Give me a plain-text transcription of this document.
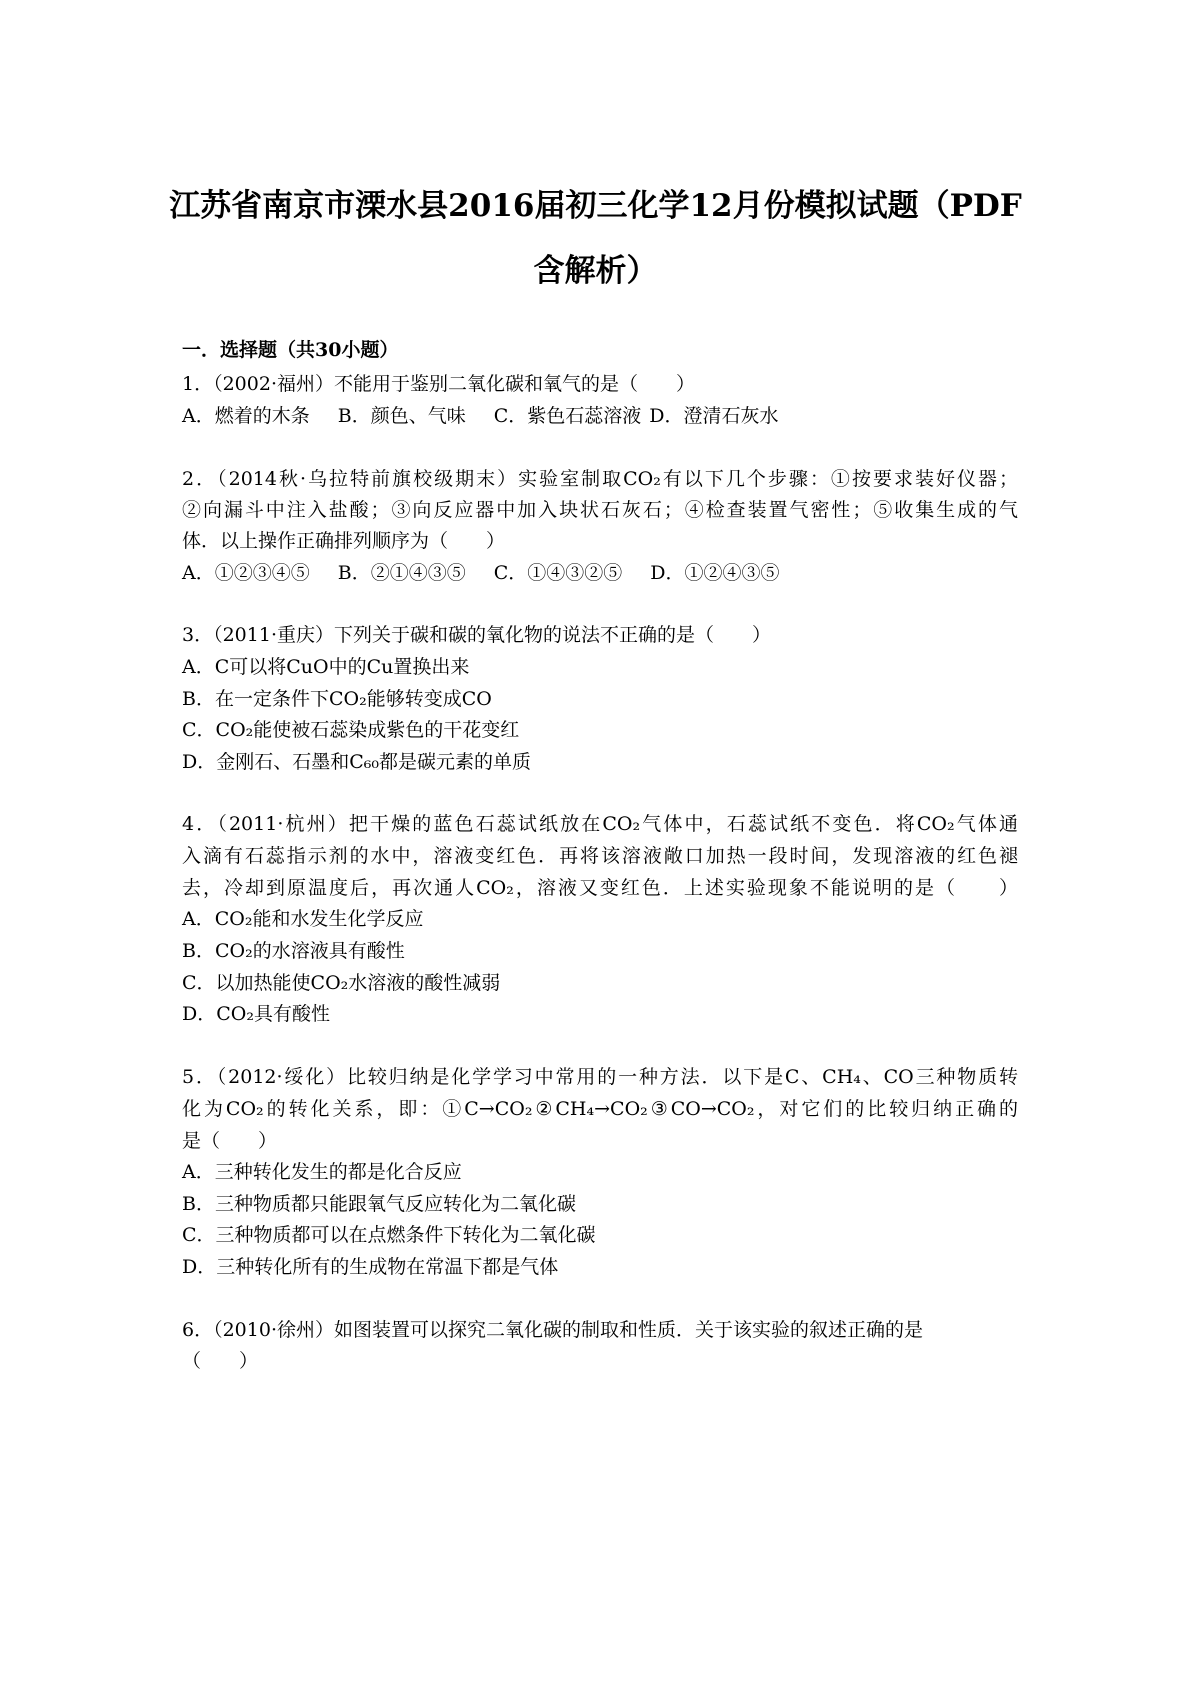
江苏省南京市溧水县2016届初三化学12月份模拟试题（PDF

含解析）

一．选择题（共30小题）

1．（2002·福州）不能用于鉴别二氧化碳和氧气的是（　　）

A．燃着的木条 B．颜色、气味 C．紫色石蕊溶液 D．澄清石灰水

2．（2014秋·乌拉特前旗校级期末）实验室制取CO₂有以下几个步骤：①按要求装好仪器；

②向漏斗中注入盐酸；③向反应器中加入块状石灰石；④检查装置气密性；⑤收集生成的气

体．以上操作正确排列顺序为（　　）

A．①②③④⑤ B．②①④③⑤ C．①④③②⑤ D．①②④③⑤

3．（2011·重庆）下列关于碳和碳的氧化物的说法不正确的是（　　）

A．C可以将CuO中的Cu置换出来

B．在一定条件下CO₂能够转变成CO

C．CO₂能使被石蕊染成紫色的干花变红

D．金刚石、石墨和C₆₀都是碳元素的单质

4．（2011·杭州）把干燥的蓝色石蕊试纸放在CO₂气体中，石蕊试纸不变色．将CO₂气体通

入滴有石蕊指示剂的水中，溶液变红色．再将该溶液敞口加热一段时间，发现溶液的红色褪

去，冷却到原温度后，再次通人CO₂，溶液又变红色．上述实验现象不能说明的是（　　）

A．CO₂能和水发生化学反应

B．CO₂的水溶液具有酸性

C．以加热能使CO₂水溶液的酸性减弱

D．CO₂具有酸性

5．（2012·绥化）比较归纳是化学学习中常用的一种方法．以下是C、CH₄、CO三种物质转

化为CO₂的转化关系，即：①C→CO₂②CH₄→CO₂③CO→CO₂，对它们的比较归纳正确的

是（　　）

A．三种转化发生的都是化合反应

B．三种物质都只能跟氧气反应转化为二氧化碳

C．三种物质都可以在点燃条件下转化为二氧化碳

D．三种转化所有的生成物在常温下都是气体

6．（2010·徐州）如图装置可以探究二氧化碳的制取和性质．关于该实验的叙述正确的是

（　　）
